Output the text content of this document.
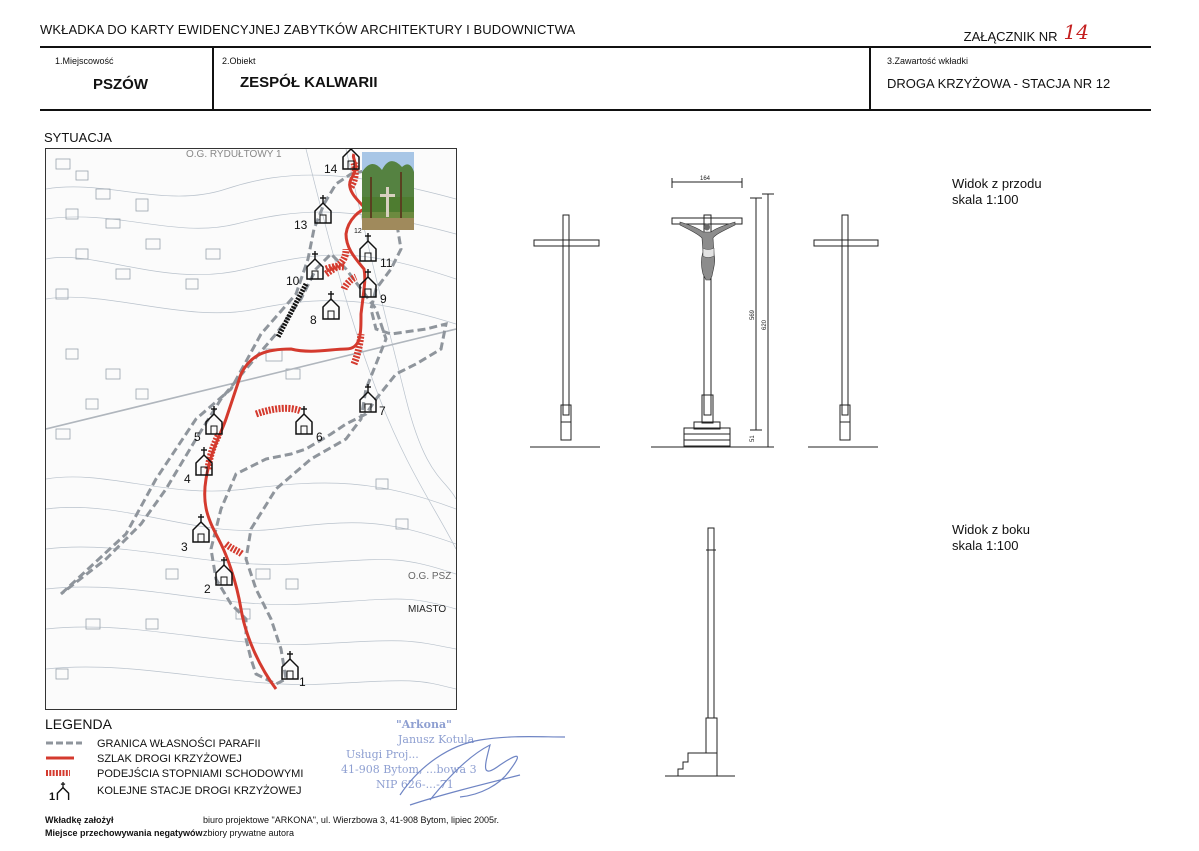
WKŁADKA DO KARTY EWIDENCYJNEJ ZABYTKÓW ARCHITEKTURY I BUDOWNICTWA	ZAŁĄCZNIK NR 14
1.Miejscowość
PSZÓW
2.Obiekt
ZESPÓŁ KALWARII
3.Zawartość wkładki
DROGA KRZYŻOWA - STACJA NR 12
SYTUACJA
O.G. RYDUŁTOWY 1
O.G. PSZ
MIASTO
1
2
3
4
5	6
7
8
9
10
11
12
13
14
LEGENDA
1
GRANICA WŁASNOŚCI PARAFII
SZLAK DROGI KRZYŻOWEJ
PODEJŚCIA STOPNIAMI SCHODOWYMI
KOLEJNE STACJE DROGI KRZYŻOWEJ
"Arkona"
Janusz Kotula
Usługi Proj...
41-908 Bytom, ...bowa 3
NIP 626-...-71
Wkładkę założył	biuro projektowe "ARKONA", ul. Wierzbowa 3, 41-908 Bytom, lipiec 2005r.
Miejsce przechowywania negatywów zbiory prywatne autora
Widok z przodu
skala 1:100
Widok z boku
skala 1:100
164
569
620
51
